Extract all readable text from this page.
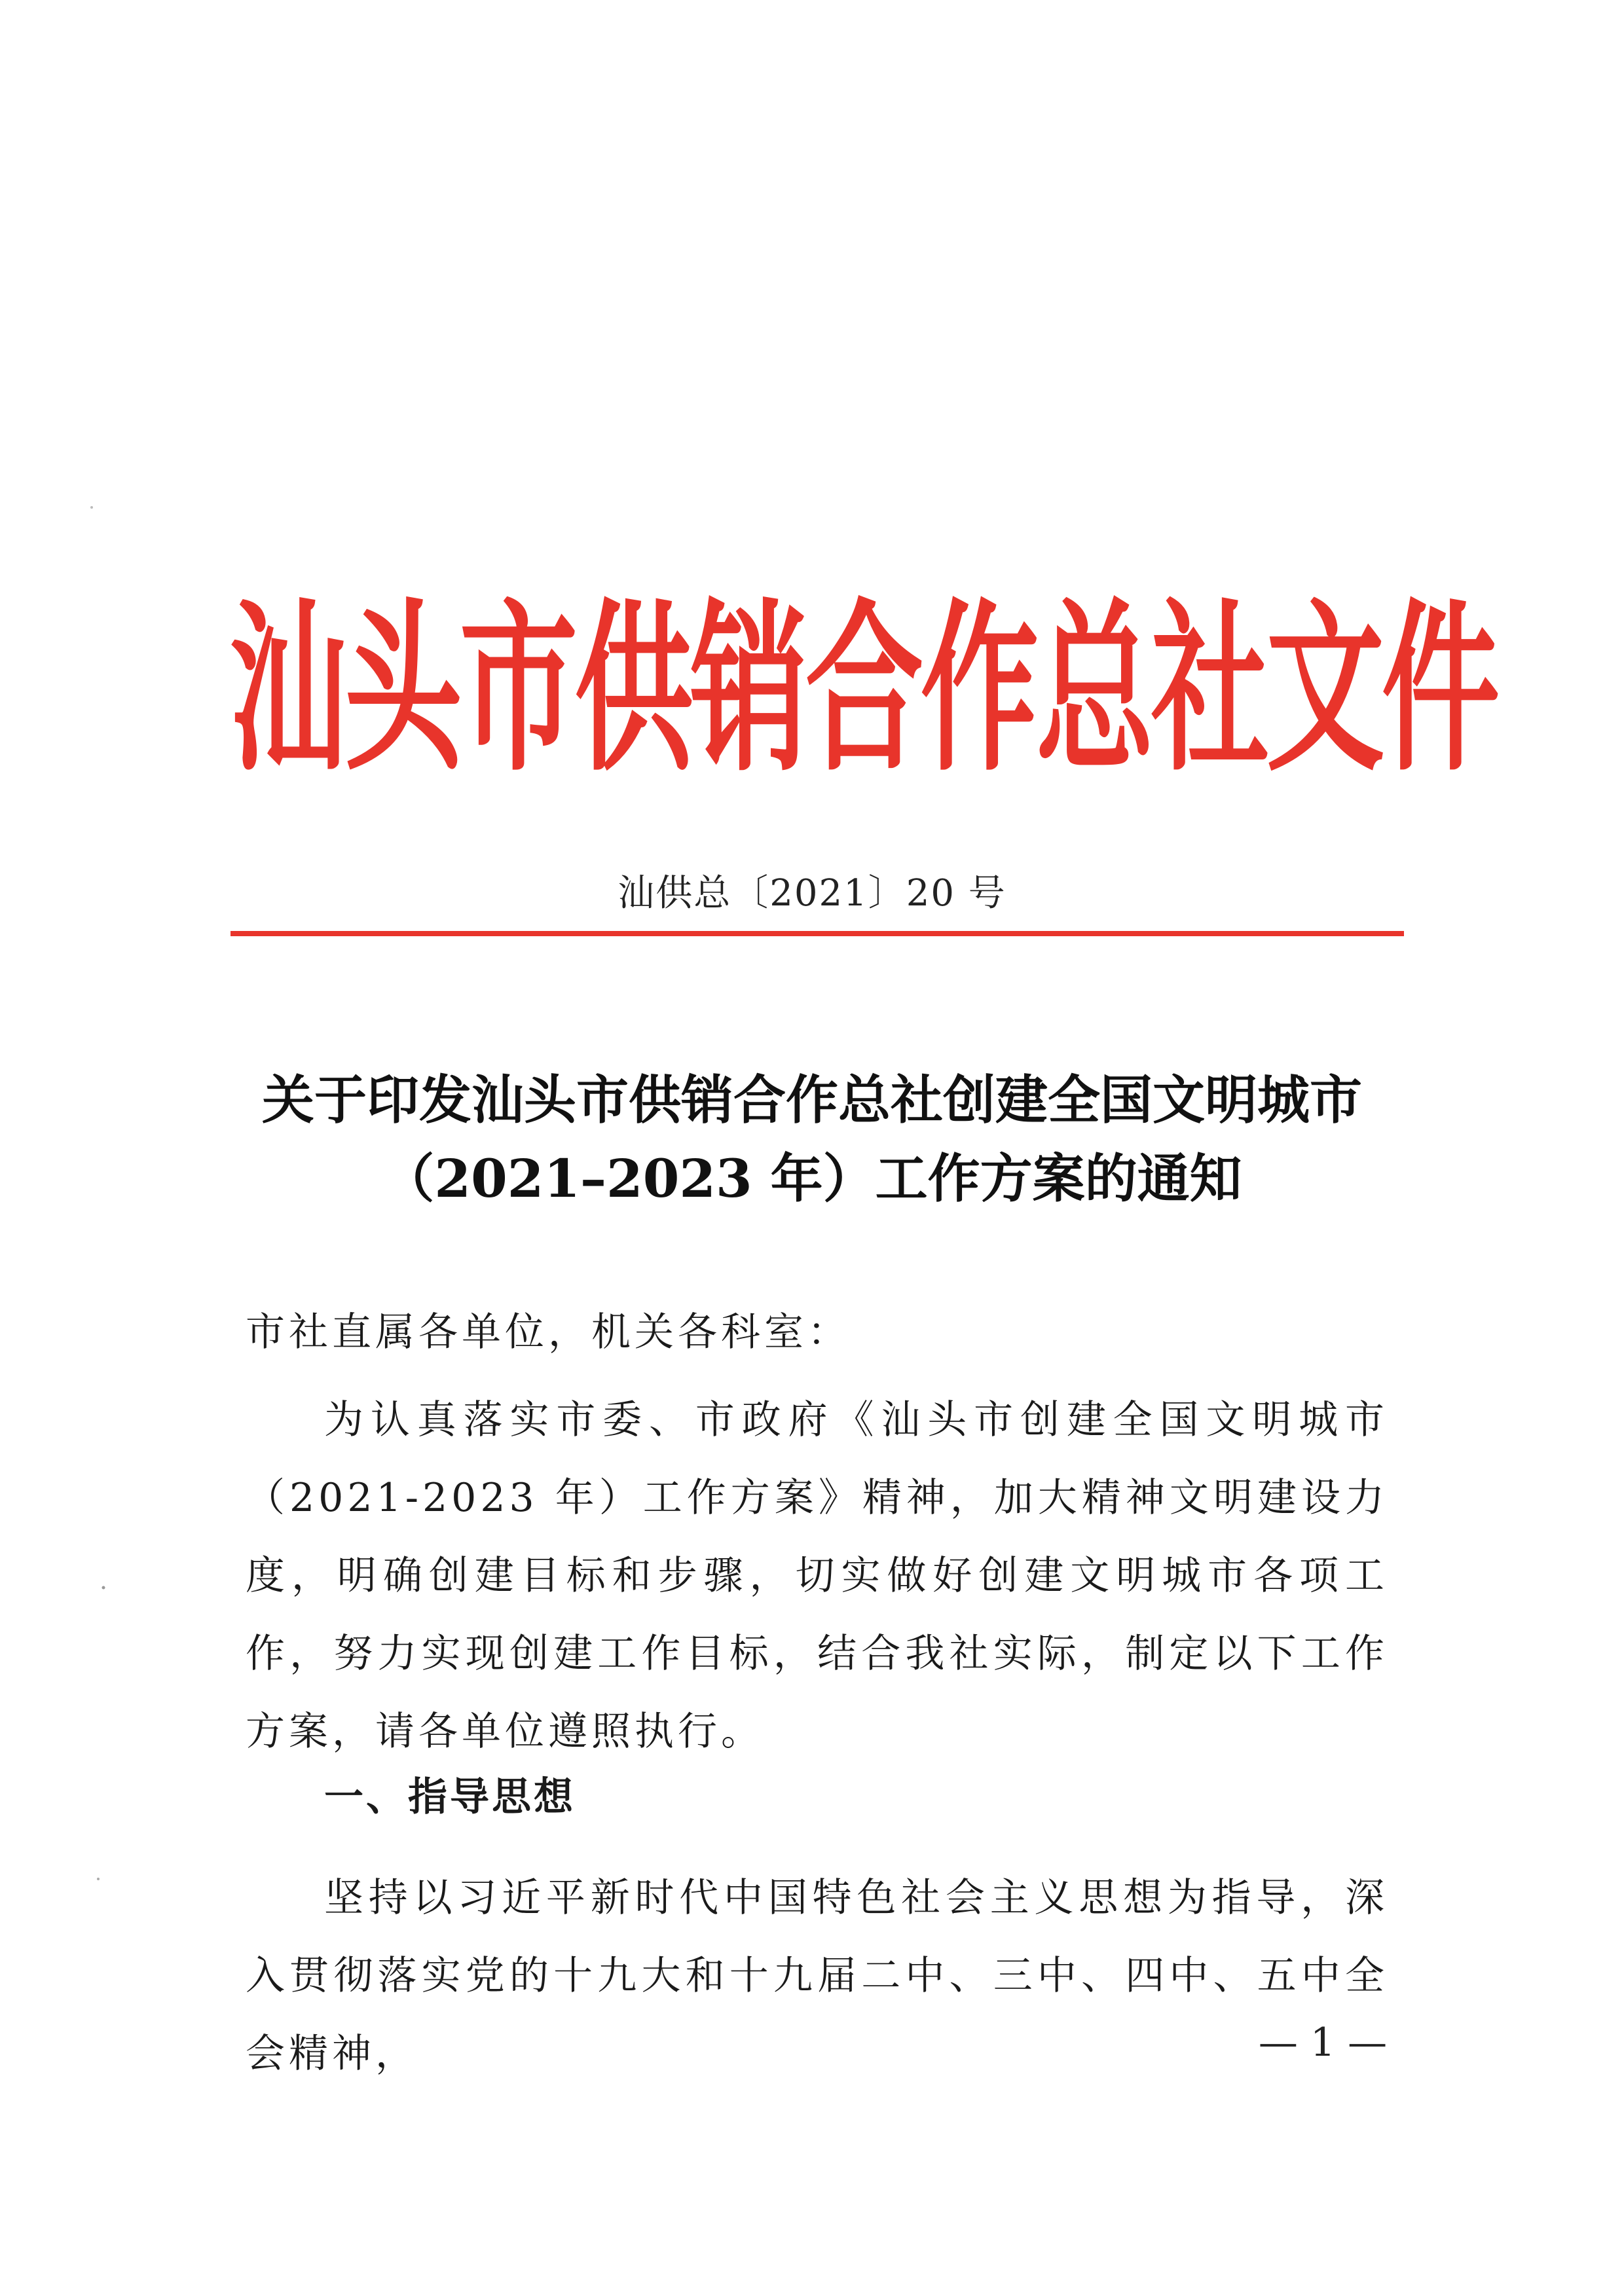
汕头市供销合作总社文件
汕供总〔2021〕20 号
关于印发汕头市供销合作总社创建全国文明城市（2021–2023 年）工作方案的通知
市社直属各单位，机关各科室：
为认真落实市委、市政府《汕头市创建全国文明城市（2021-2023 年）工作方案》精神，加大精神文明建设力度，明确创建目标和步骤，切实做好创建文明城市各项工作，努力实现创建工作目标，结合我社实际，制定以下工作方案，请各单位遵照执行。
一、指导思想
坚持以习近平新时代中国特色社会主义思想为指导，深入贯彻落实党的十九大和十九届二中、三中、四中、五中全会精神，	— 1 —
